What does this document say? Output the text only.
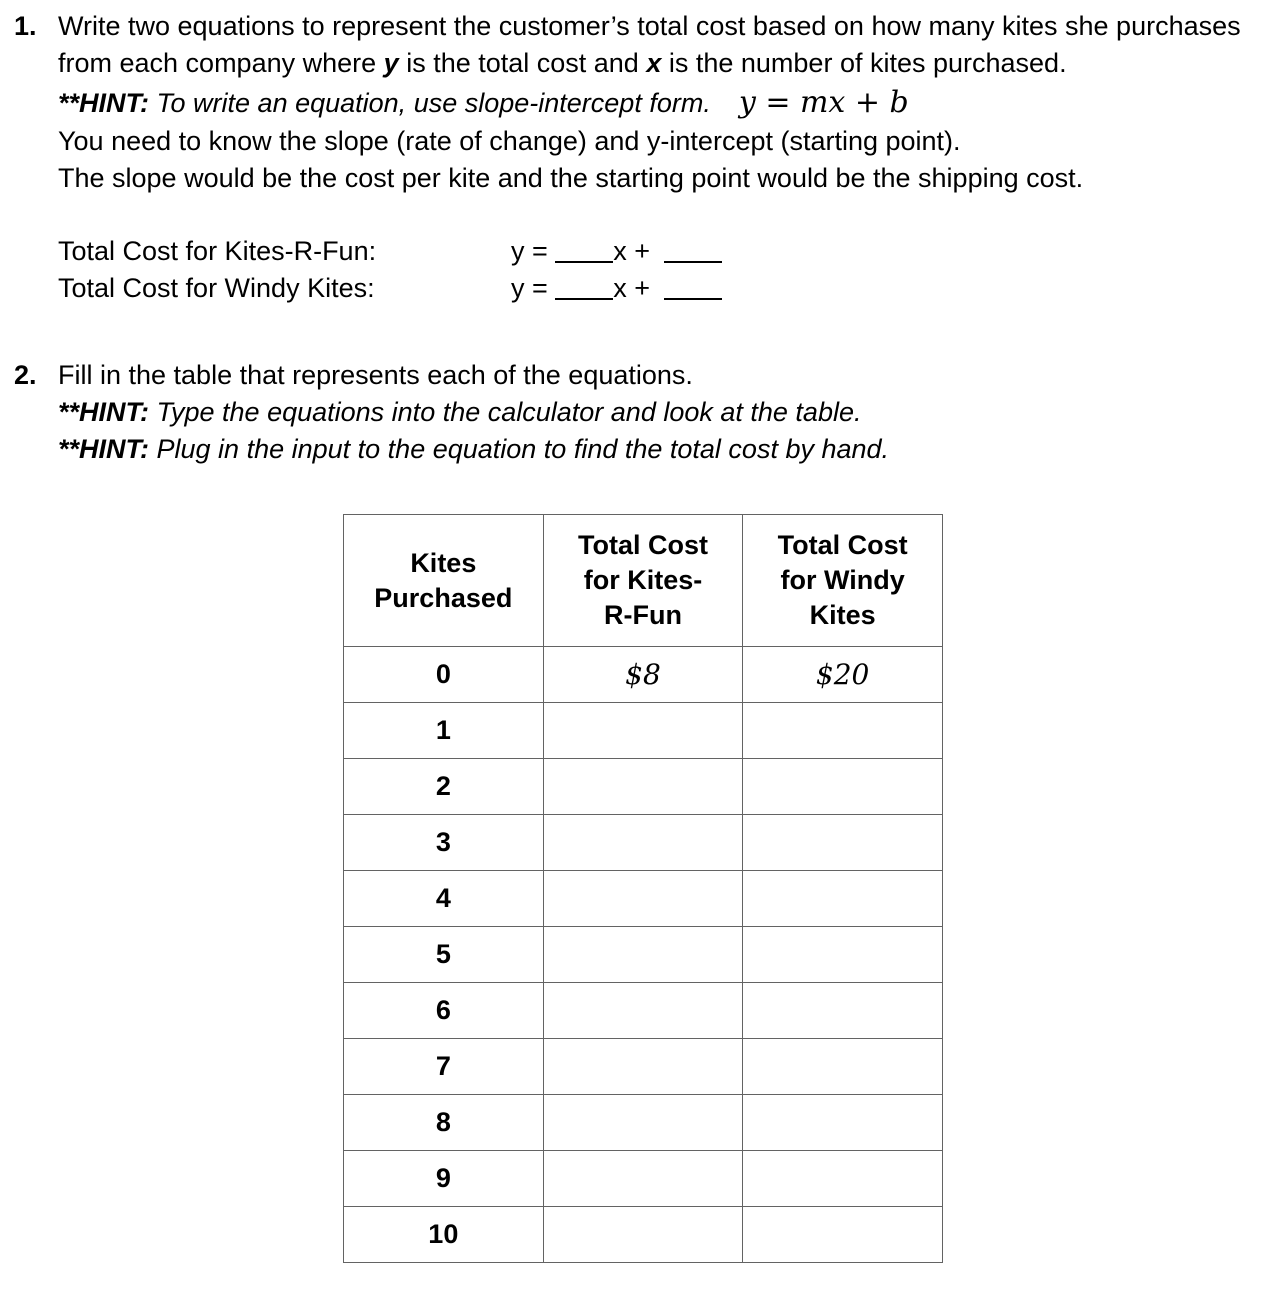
1. Write two equations to represent the customer’s total cost based on how many kites she purchases from each company where y is the total cost and x is the number of kites purchased.

**HINT: To write an equation, use slope-intercept form. y = mx + b

You need to know the slope (rate of change) and y-intercept (starting point).

The slope would be the cost per kite and the starting point would be the shipping cost.

Total Cost for Kites-R-Fun:	y = x +
Total Cost for Windy Kites:	y = x +
2. Fill in the table that represents each of the equations.

**HINT: Type the equations into the calculator and look at the table.

**HINT: Plug in the input to the equation to find the total cost by hand.

Kites Purchased	Total Cost for Kites-R-Fun	Total Cost for Windy Kites
0	$8	$20
1		
2		
3		
4		
5		
6		
7		
8		
9		
10		
